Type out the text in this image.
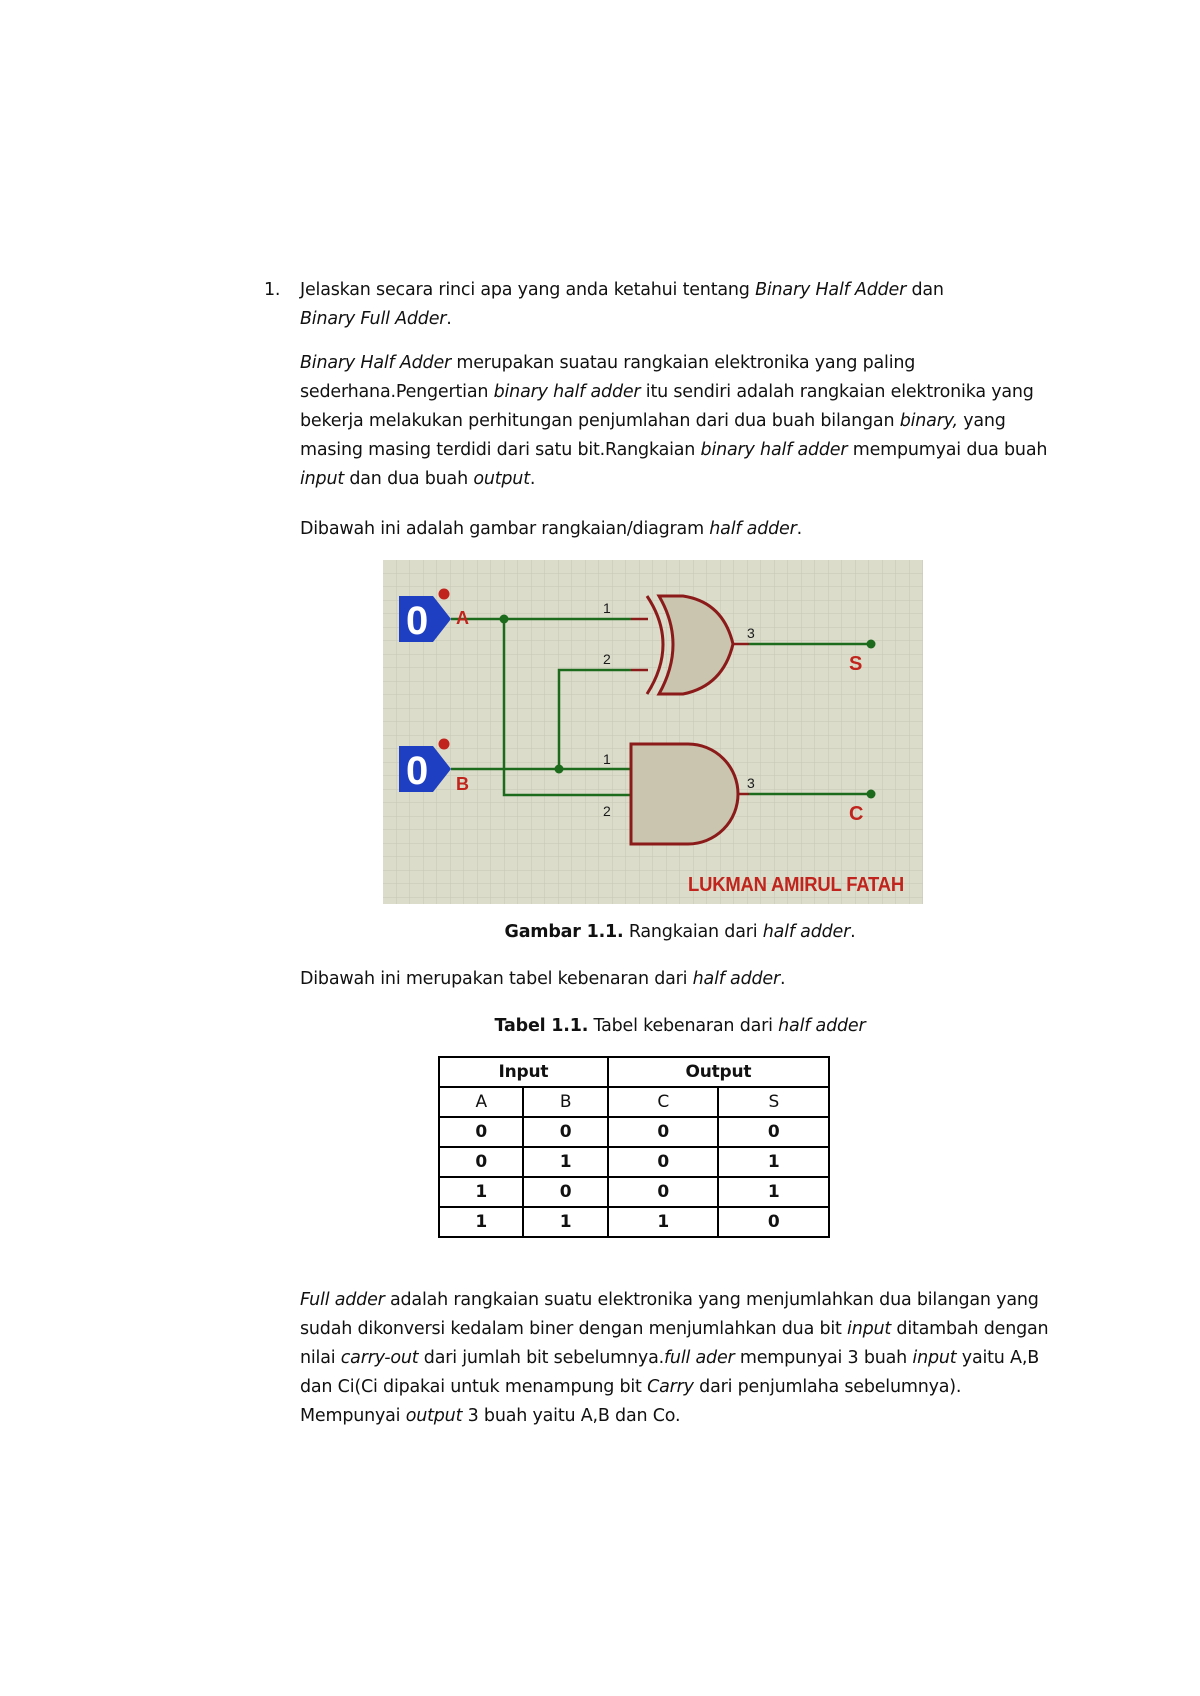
1. Jelaskan secara rinci apa yang anda ketahui tentang Binary Half Adder dan
Binary Full Adder.

Binary Half Adder merupakan suatau rangkaian elektronika yang paling sederhana.Pengertian binary half adder itu sendiri adalah rangkaian elektronika yang bekerja melakukan perhitungan penjumlahan dari dua buah bilangan binary, yang masing masing terdidi dari satu bit.Rangkaian binary half adder mempumyai dua buah input dan dua buah output.

Dibawah ini adalah gambar rangkaian/diagram half adder.

0 A
0 B
1
2
3
1
2
3
S
C
LUKMAN AMIRUL FATAH
Gambar 1.1. Rangkaian dari half adder.

Dibawah ini merupakan tabel kebenaran dari half adder.

Tabel 1.1. Tabel kebenaran dari half adder
Input		Output	
A	B	C	S
0	0	0	0
0	1	0	1
1	0	0	1
1	1	1	0

Full adder adalah rangkaian suatu elektronika yang menjumlahkan dua bilangan yang sudah dikonversi kedalam biner dengan menjumlahkan dua bit input ditambah dengan nilai carry-out dari jumlah bit sebelumnya.full ader mempunyai 3 buah input yaitu A,B dan Ci(Ci dipakai untuk menampung bit Carry dari penjumlaha sebelumnya). Mempunyai output 3 buah yaitu A,B dan Co.
